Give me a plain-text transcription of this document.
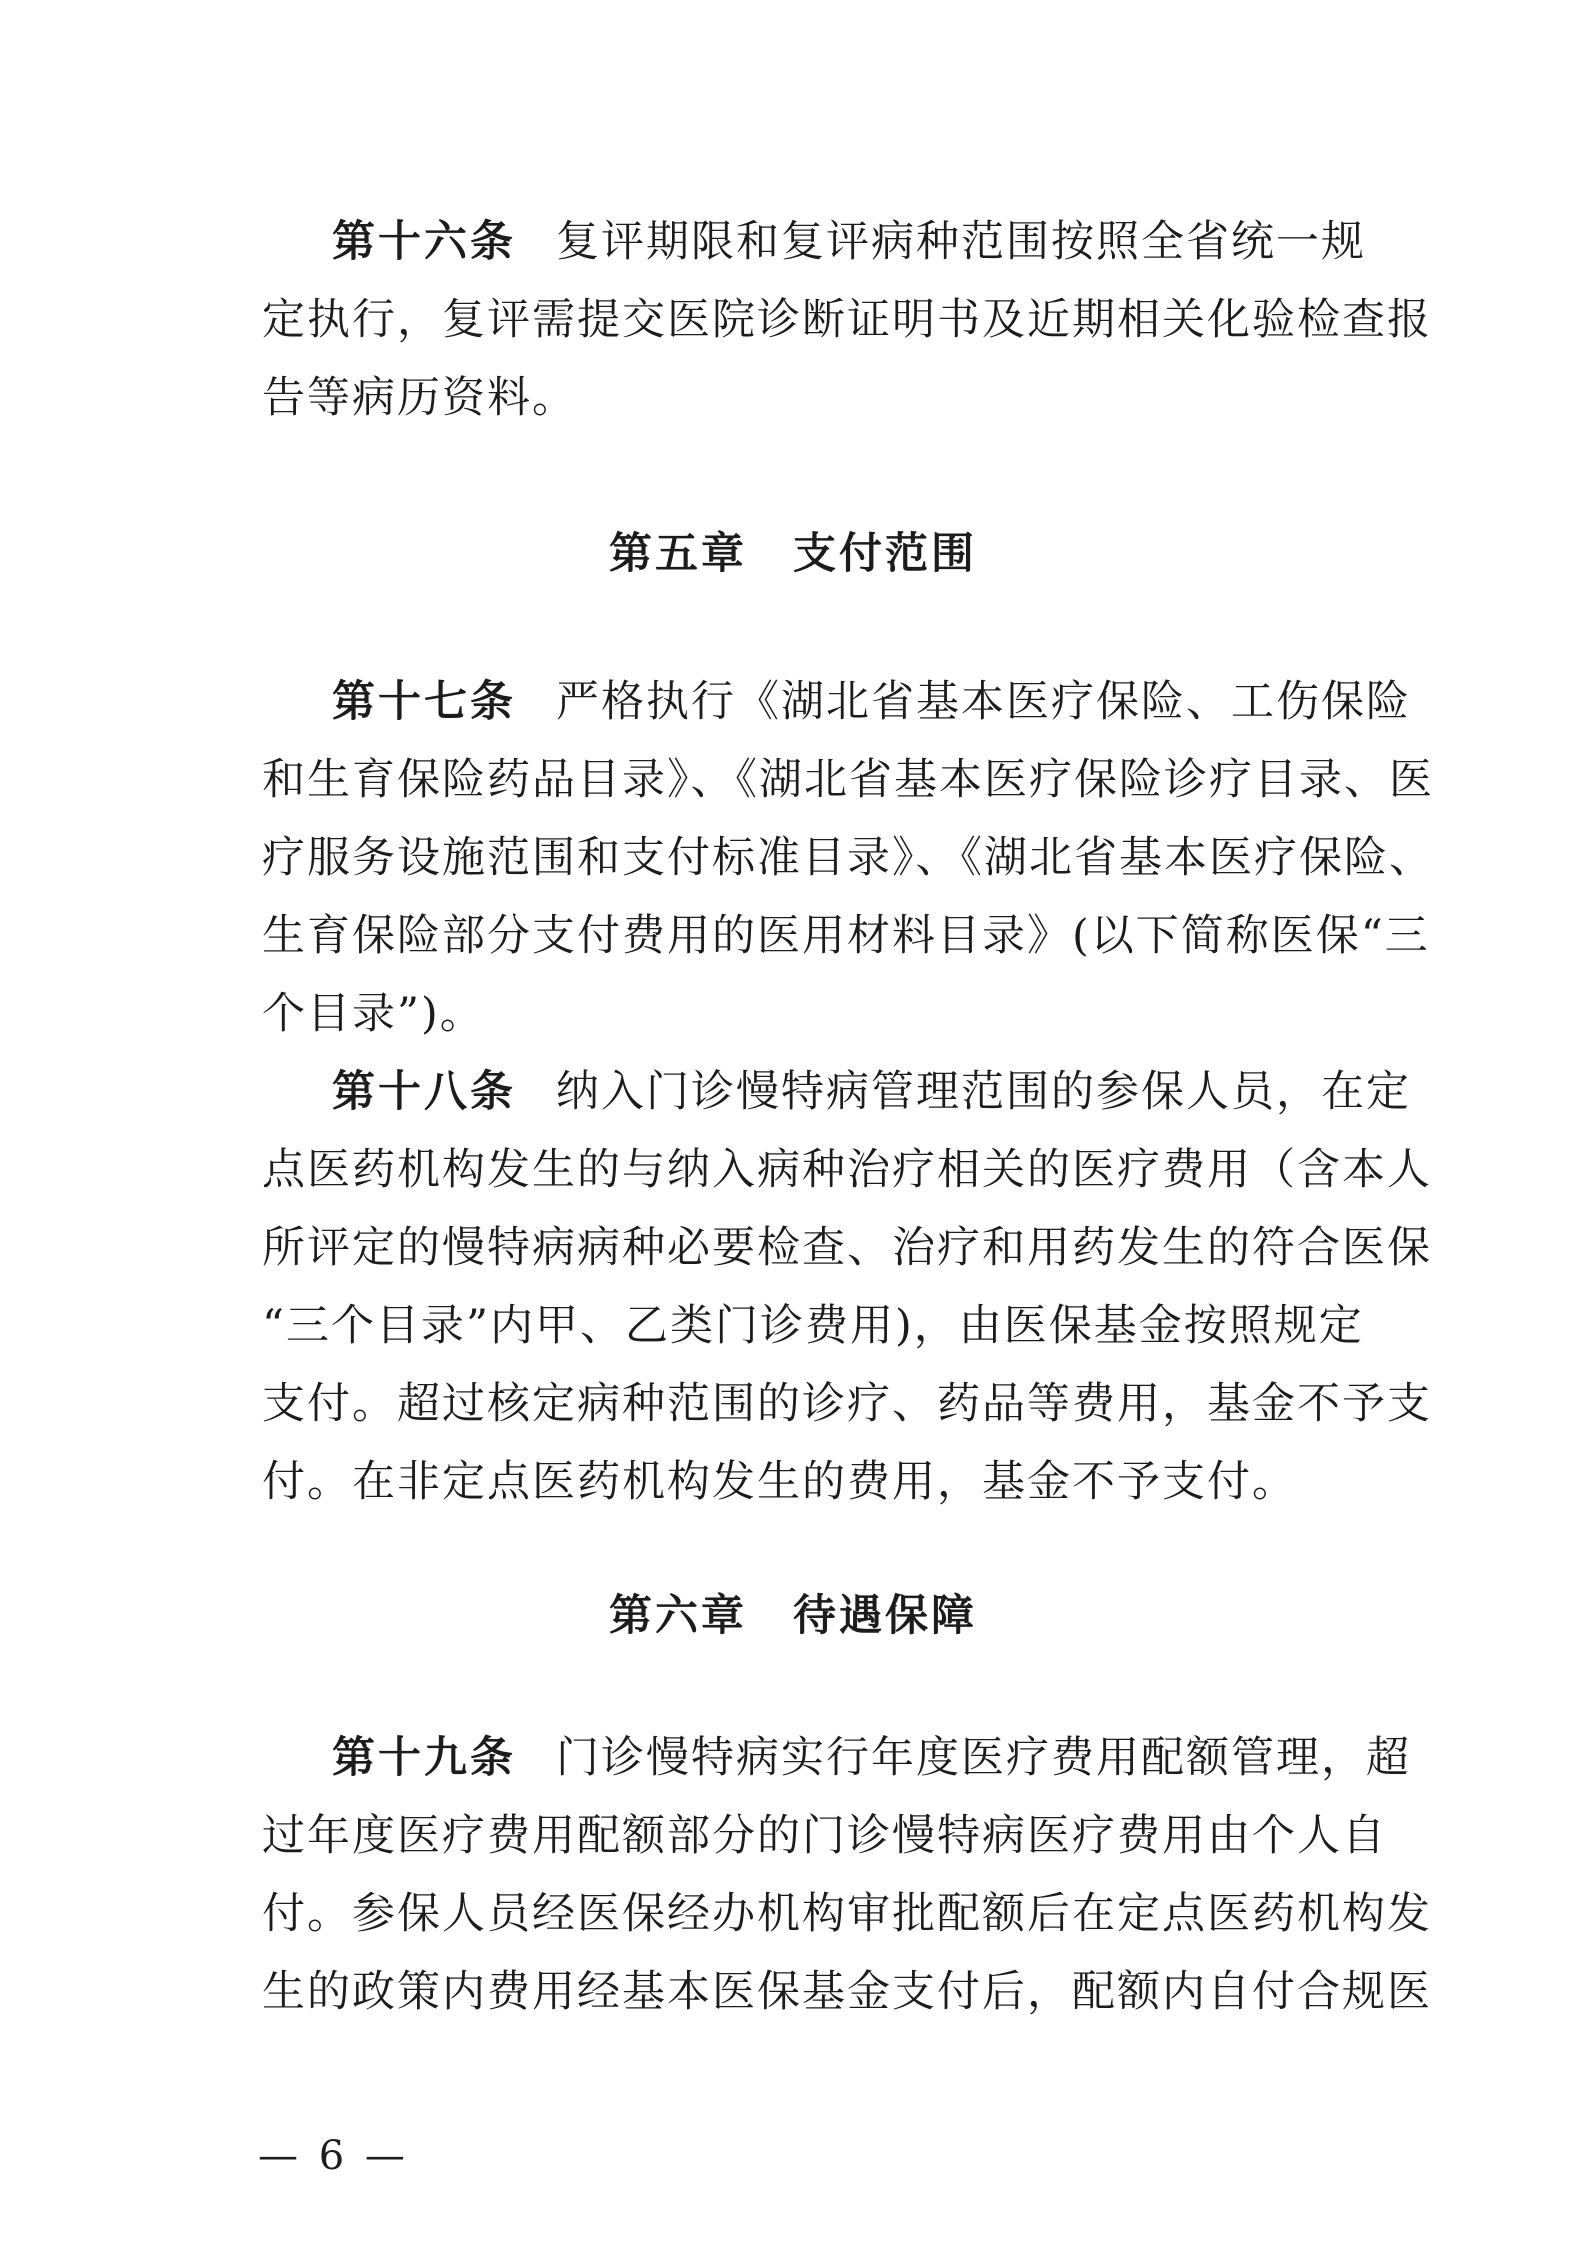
第十六条 复评期限和复评病种范围按照全省统一规
定执行，复评需提交医院诊断证明书及近期相关化验检查报
告等病历资料。
第五章　支付范围
第十七条 严格执行《湖北省基本医疗保险、工伤保险
和生育保险药品目录》、《湖北省基本医疗保险诊疗目录、医
疗服务设施范围和支付标准目录》、《湖北省基本医疗保险、
生育保险部分支付费用的医用材料目录》(以下简称医保“三
个目录”)。
第十八条 纳入门诊慢特病管理范围的参保人员，在定
点医药机构发生的与纳入病种治疗相关的医疗费用（含本人
所评定的慢特病病种必要检查、治疗和用药发生的符合医保
“三个目录”内甲、乙类门诊费用)，由医保基金按照规定
支付。超过核定病种范围的诊疗、药品等费用，基金不予支
付。在非定点医药机构发生的费用，基金不予支付。
第六章　待遇保障
第十九条 门诊慢特病实行年度医疗费用配额管理，超
过年度医疗费用配额部分的门诊慢特病医疗费用由个人自
付。参保人员经医保经办机构审批配额后在定点医药机构发
生的政策内费用经基本医保基金支付后，配额内自付合规医
— 6 —
